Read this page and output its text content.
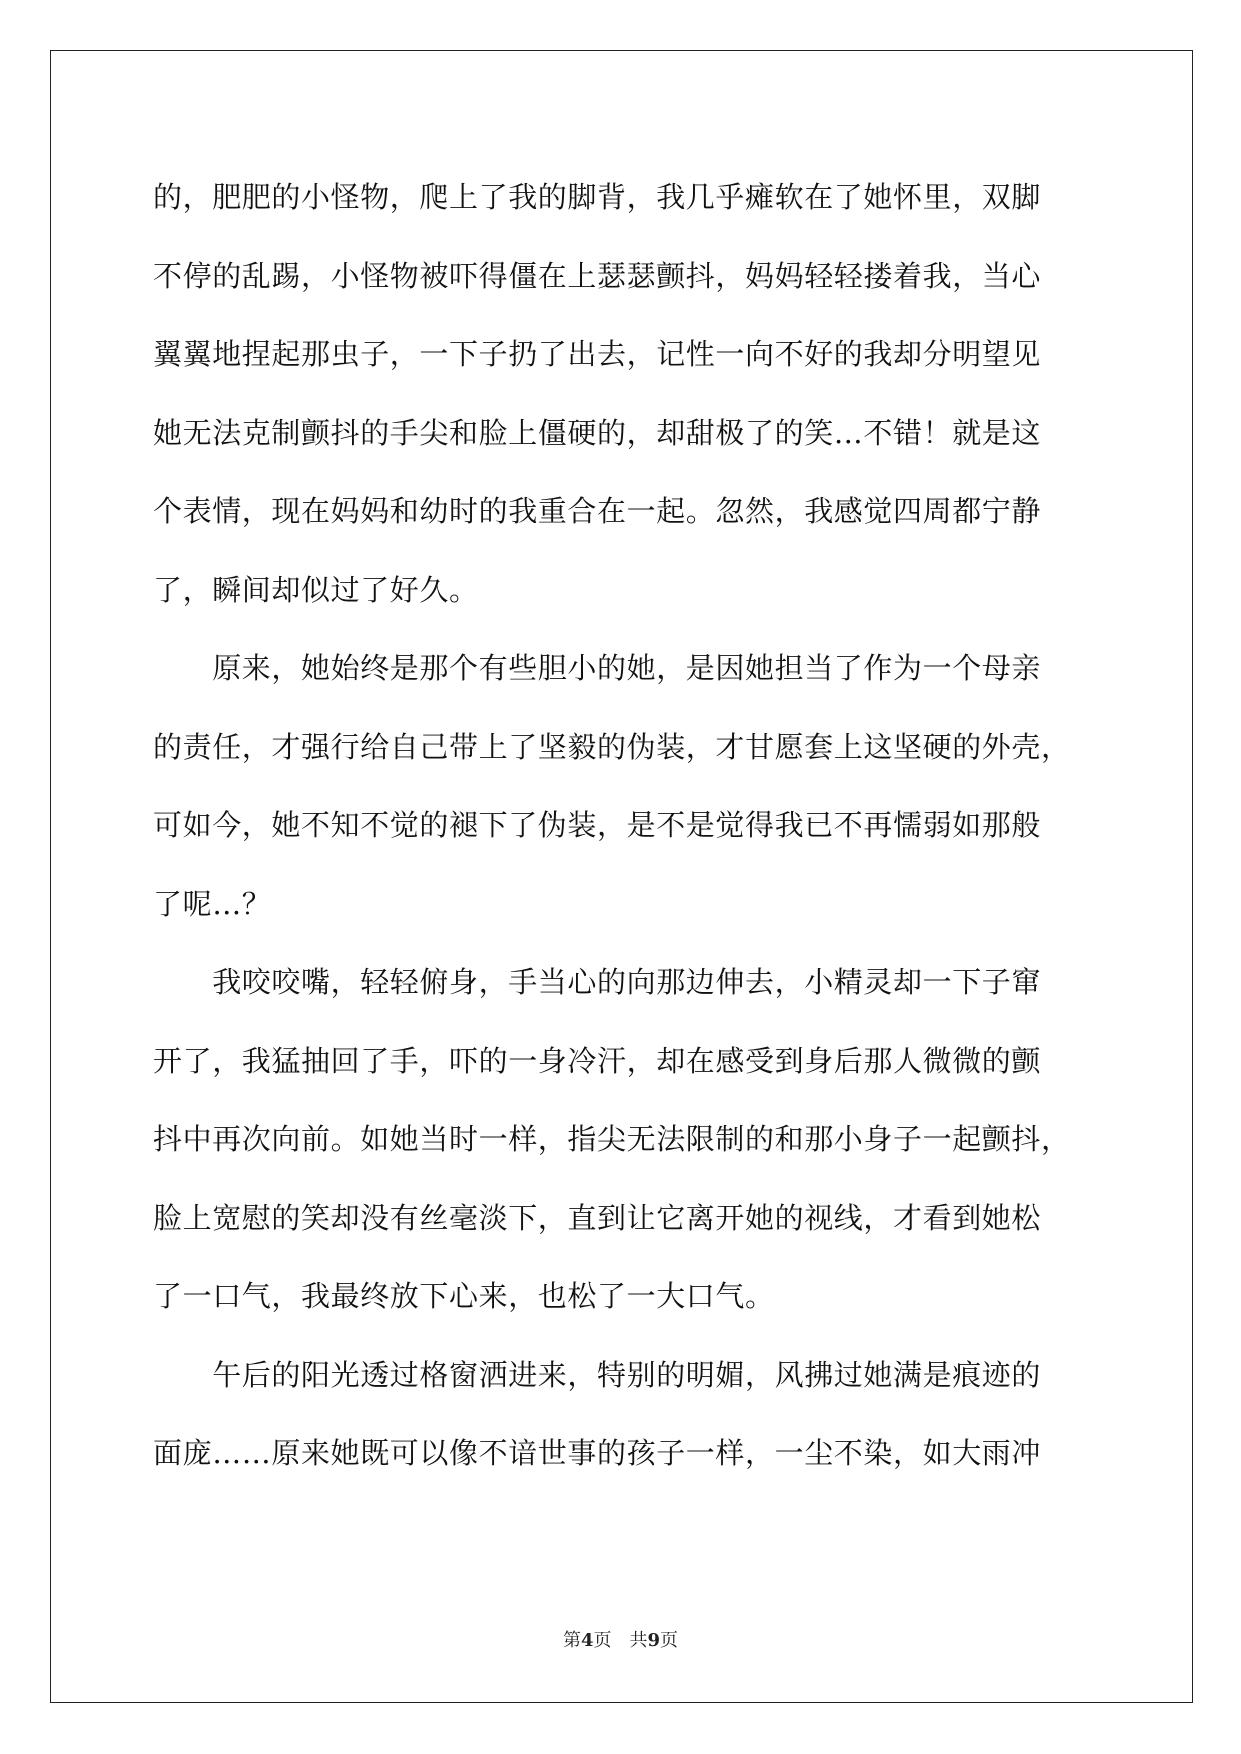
的，肥肥的小怪物，爬上了我的脚背，我几乎瘫软在了她怀里，双脚
不停的乱踢，小怪物被吓得僵在上瑟瑟颤抖，妈妈轻轻搂着我，当心
翼翼地捏起那虫子，一下子扔了出去，记性一向不好的我却分明望见
她无法克制颤抖的手尖和脸上僵硬的，却甜极了的笑…不错！就是这
个表情，现在妈妈和幼时的我重合在一起。忽然，我感觉四周都宁静
了，瞬间却似过了好久。
　　原来，她始终是那个有些胆小的她，是因她担当了作为一个母亲
的责任，才强行给自己带上了坚毅的伪装，才甘愿套上这坚硬的外壳，
可如今，她不知不觉的褪下了伪装，是不是觉得我已不再懦弱如那般
了呢…？
　　我咬咬嘴，轻轻俯身，手当心的向那边伸去，小精灵却一下子窜
开了，我猛抽回了手，吓的一身冷汗，却在感受到身后那人微微的颤
抖中再次向前。如她当时一样，指尖无法限制的和那小身子一起颤抖，
脸上宽慰的笑却没有丝毫淡下，直到让它离开她的视线，才看到她松
了一口气，我最终放下心来，也松了一大口气。
　　午后的阳光透过格窗洒进来，特别的明媚，风拂过她满是痕迹的
面庞……原来她既可以像不谙世事的孩子一样，一尘不染，如大雨冲
第4页　共9页
